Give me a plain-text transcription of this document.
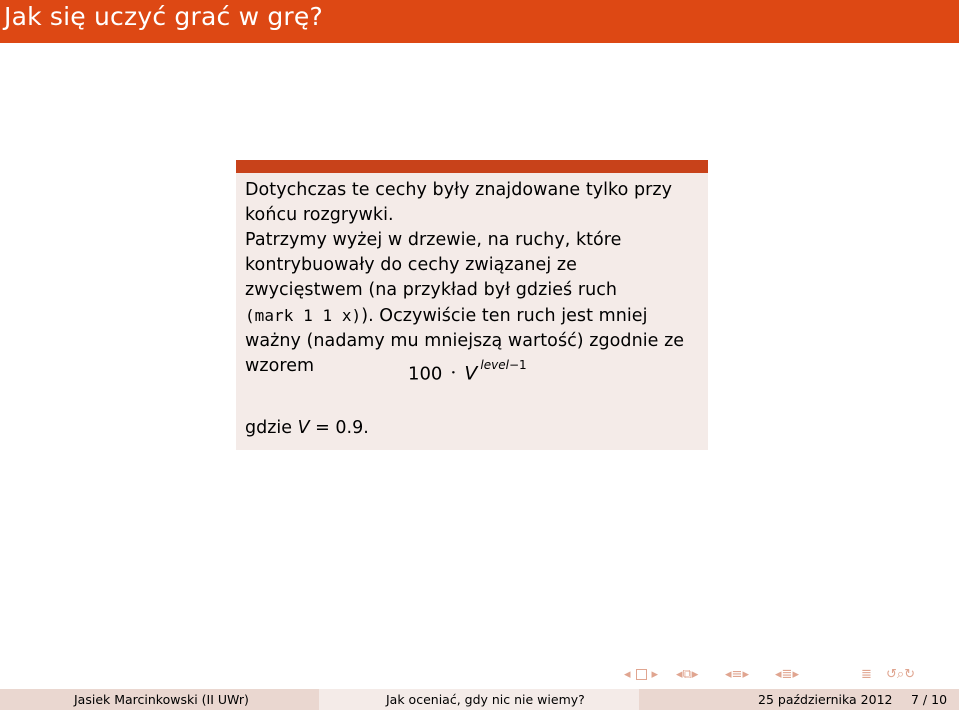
Jak się uczyć grać w grę?
Dotychczas te cechy były znajdowane tylko przy
końcu rozgrywki.
Patrzymy wyżej w drzewie, na ruchy, które
kontrybuowały do cechy związanej ze
zwycięstwem (na przykład był gdzieś ruch
(mark 1 1 x)). Oczywiście ten ruch jest mniej
ważny (nadamy mu mniejszą wartość) zgodnie ze
wzorem	100 · V $^{level-1}$
gdzie V = 0.9.
◂ ▸ ◂⧉▸ ◂≡▸ ◂≣▸	≣ ↺⌕↻
Jasiek Marcinkowski (II UWr)	Jak oceniać, gdy nic nie wiemy?	25 października 2012 7 / 10
